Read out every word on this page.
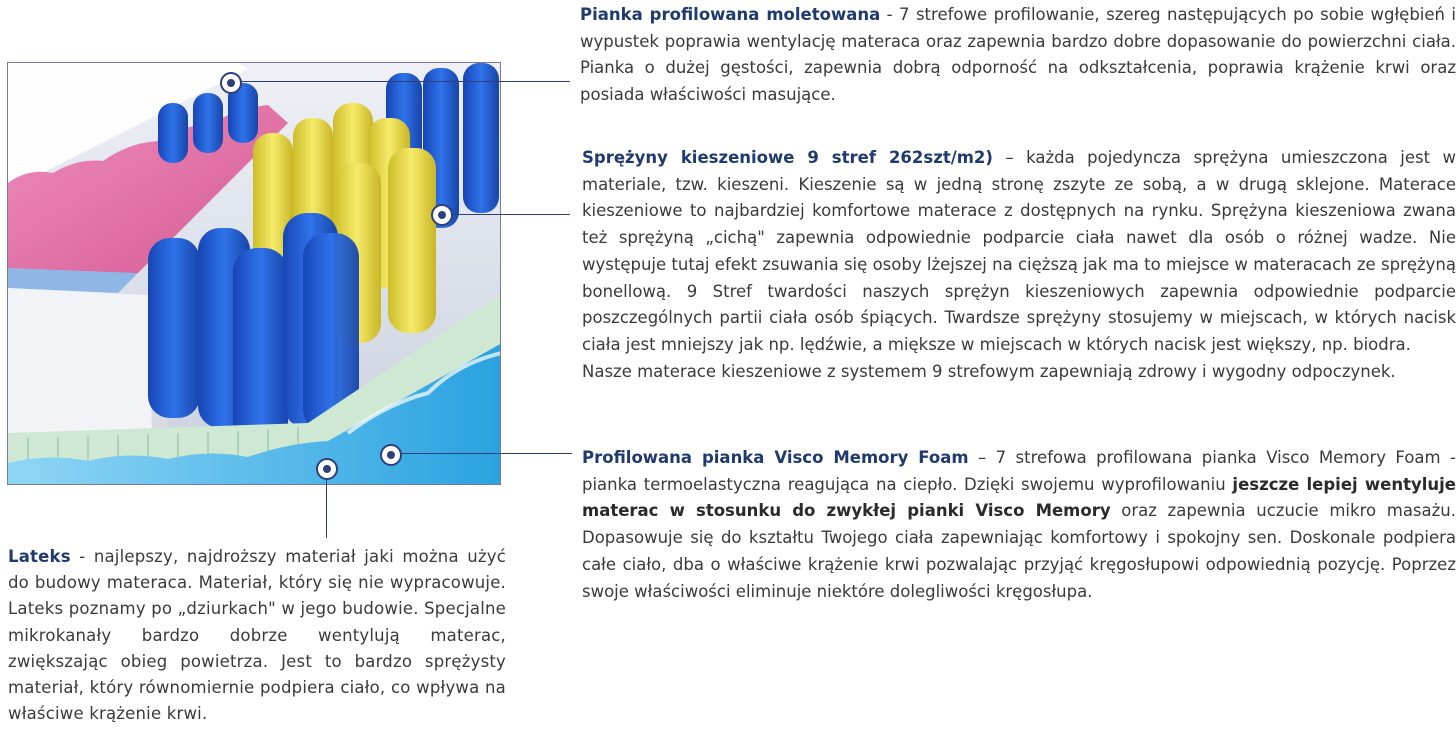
Pianka profilowana moletowana - 7 strefowe profilowanie, szereg następujących po sobie wgłębień i wypustek poprawia wentylację materaca oraz zapewnia bardzo dobre dopasowanie do powierzchni ciała. Pianka o dużej gęstości, zapewnia dobrą odporność na odkształcenia, poprawia krążenie krwi oraz posiada właściwości masujące.

Sprężyny kieszeniowe 9 stref 262szt/m2) – każda pojedyncza sprężyna umieszczona jest w materiale, tzw. kieszeni. Kieszenie są w jedną stronę zszyte ze sobą, a w drugą sklejone. Materace kieszeniowe to najbardziej komfortowe materace z dostępnych na rynku. Sprężyna kieszeniowa zwana też sprężyną „cichą" zapewnia odpowiednie podparcie ciała nawet dla osób o różnej wadze. Nie występuje tutaj efekt zsuwania się osoby lżejszej na cięższą jak ma to miejsce w materacach ze sprężyną bonellową. 9 Stref twardości naszych sprężyn kieszeniowych zapewnia odpowiednie podparcie poszczególnych partii ciała osób śpiących. Twardsze sprężyny stosujemy w miejscach, w których nacisk ciała jest mniejszy jak np. lędźwie, a miększe w miejscach w których nacisk jest większy, np. biodra.

Nasze materace kieszeniowe z systemem 9 strefowym zapewniają zdrowy i wygodny odpoczynek.

Profilowana pianka Visco Memory Foam – 7 strefowa profilowana pianka Visco Memory Foam - pianka termoelastyczna reagująca na ciepło. Dzięki swojemu wyprofilowaniu jeszcze lepiej wentyluje materac w stosunku do zwykłej pianki Visco Memory oraz zapewnia uczucie mikro masażu. Dopasowuje się do kształtu Twojego ciała zapewniając komfortowy i spokojny sen. Doskonale podpiera całe ciało, dba o właściwe krążenie krwi pozwalając przyjąć kręgosłupowi odpowiednią pozycję. Poprzez swoje właściwości eliminuje niektóre dolegliwości kręgosłupa.

Lateks - najlepszy, najdroższy materiał jaki można użyć do budowy materaca. Materiał, który się nie wypracowuje. Lateks poznamy po „dziurkach" w jego budowie. Specjalne mikrokanały bardzo dobrze wentylują materac, zwiększając obieg powietrza. Jest to bardzo sprężysty materiał, który równomiernie podpiera ciało, co wpływa na właściwe krążenie krwi.
